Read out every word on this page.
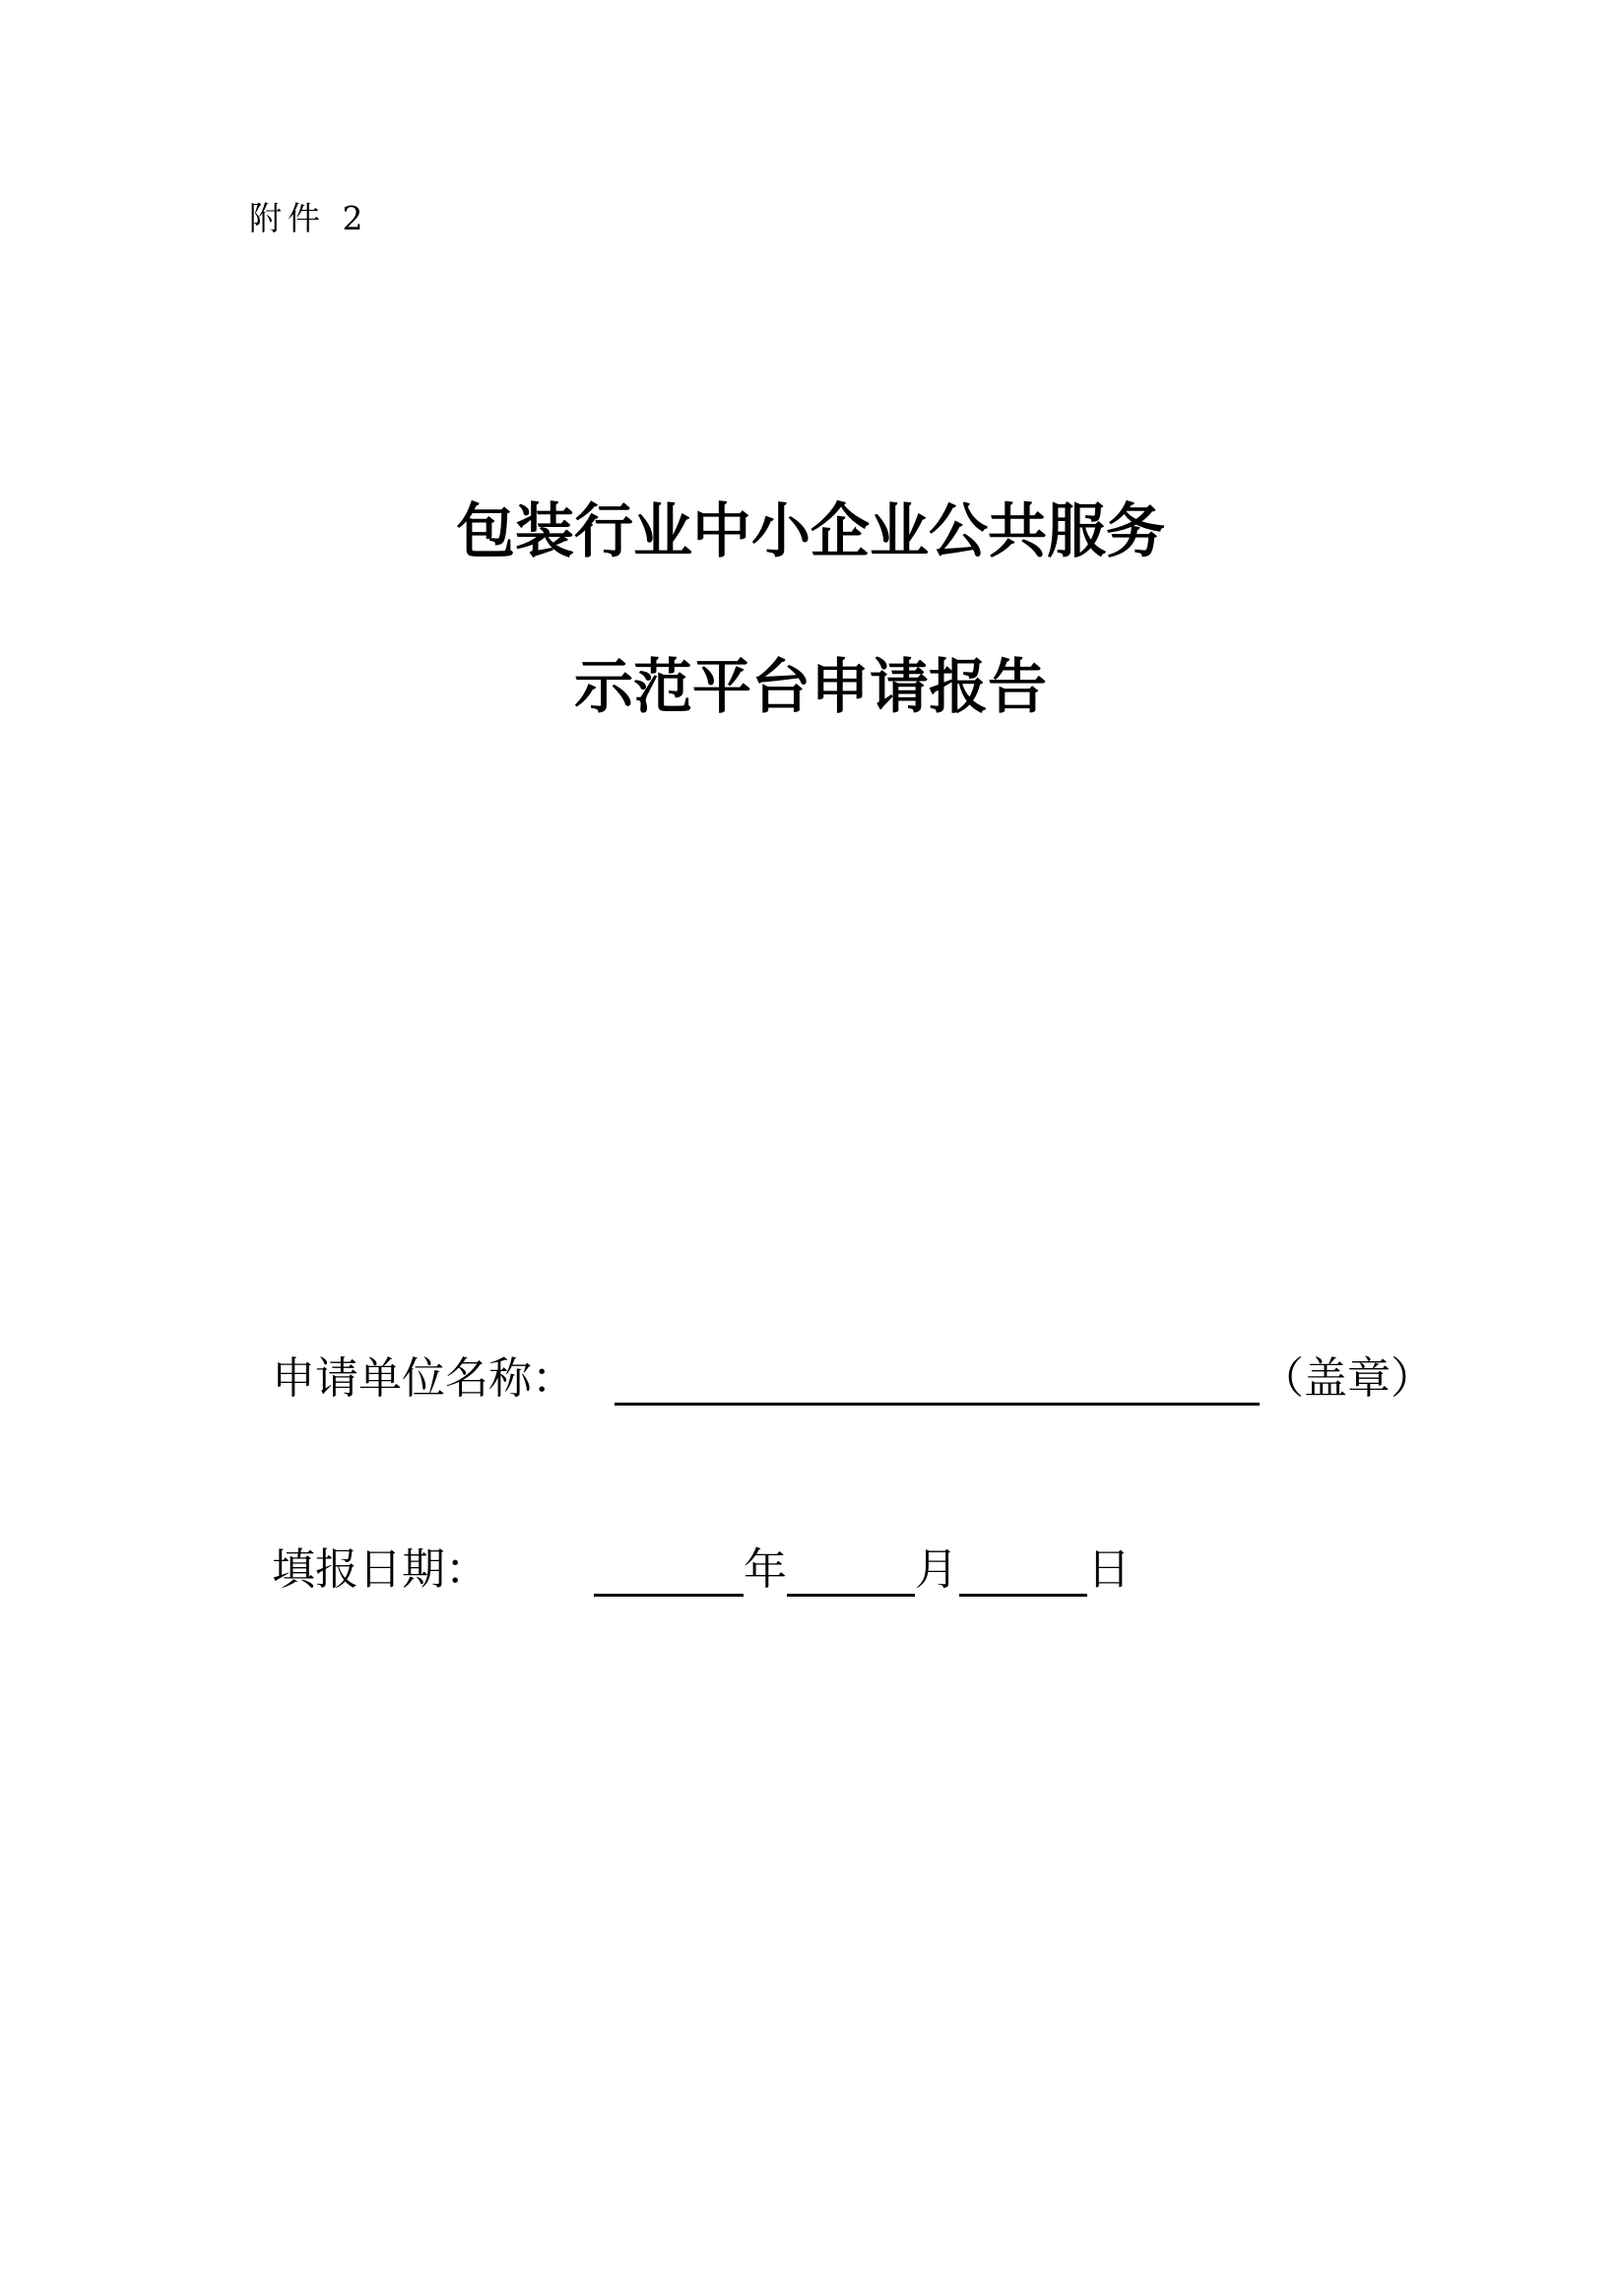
附件 2
包装行业中小企业公共服务
示范平台申请报告
申请单位名称：	（盖章）
填报日期：	年	月	日
